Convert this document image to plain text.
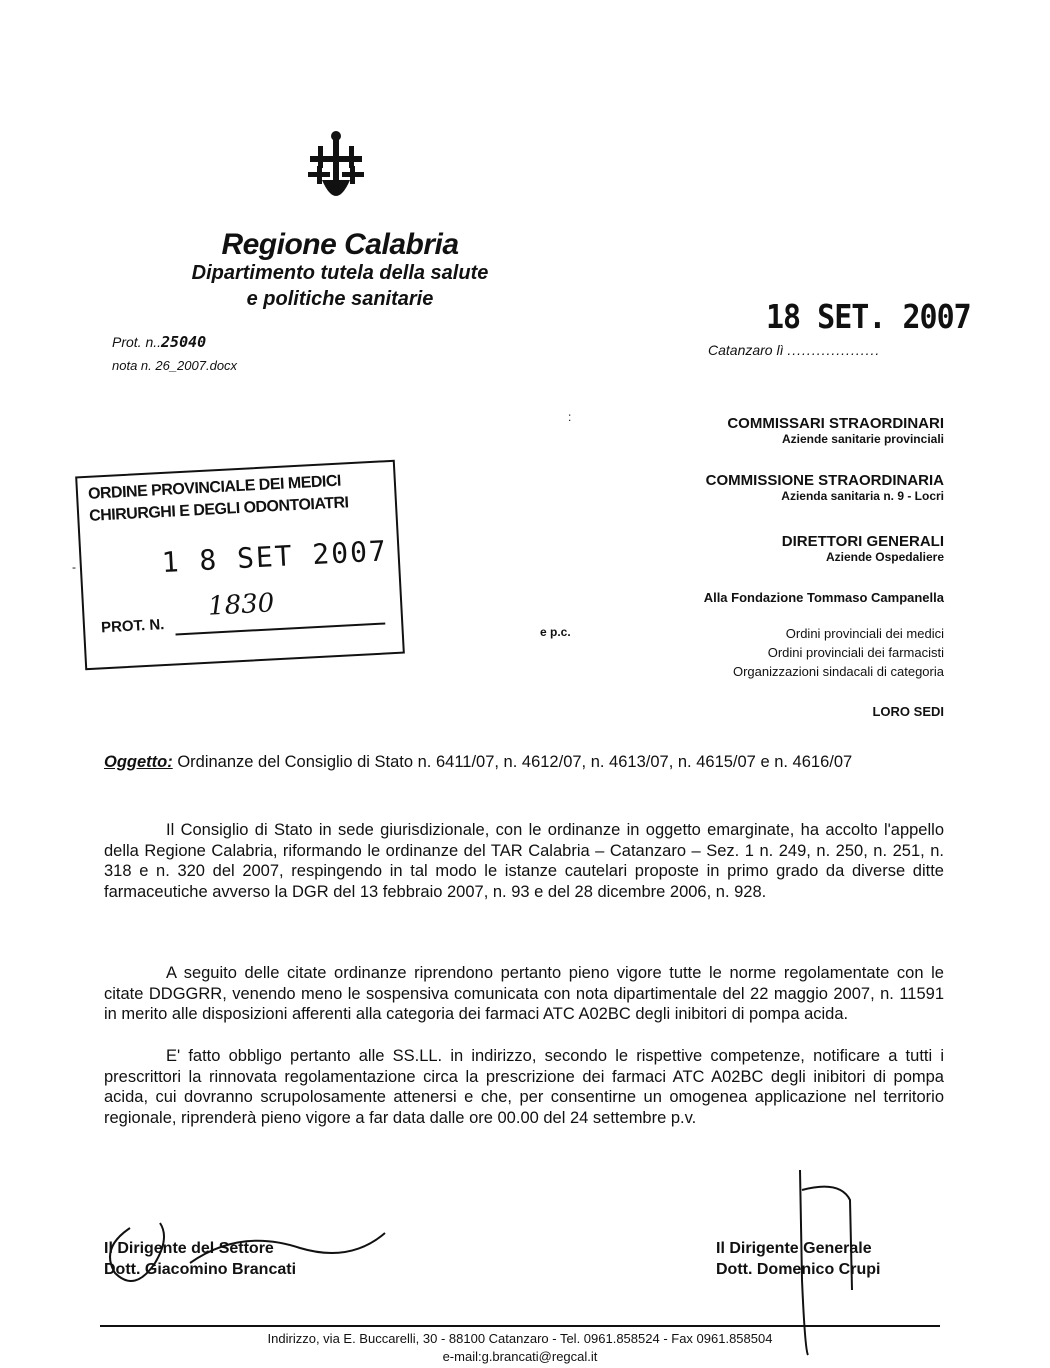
Regione Calabria
Dipartimento tutela della salute
e politiche sanitarie
Prot. n..25040
nota n. 26_2007.docx
18 SET. 2007
Catanzaro lì ...................
:
-
COMMISSARI STRAORDINARI
Aziende sanitarie provinciali
COMMISSIONE STRAORDINARIA
Azienda sanitaria n. 9 - Locri
DIRETTORI GENERALI
Aziende Ospedaliere
Alla Fondazione Tommaso Campanella
e p.c.	Ordini provinciali dei medici
Ordini provinciali dei farmacisti
Organizzazioni sindacali di categoria
LORO SEDI
ORDINE PROVINCIALE DEI MEDICI
CHIRURGHI E DEGLI ODONTOIATRI
1 8 SET 2007
PROT. N.
1830
Oggetto: Ordinanze del Consiglio di Stato n. 6411/07, n. 4612/07, n. 4613/07, n. 4615/07 e n. 4616/07

Il Consiglio di Stato in sede giurisdizionale, con le ordinanze in oggetto emarginate, ha accolto l'appello della Regione Calabria, riformando le ordinanze del TAR Calabria – Catanzaro – Sez. 1 n. 249, n. 250, n. 251, n. 318 e n. 320 del 2007, respingendo in tal modo le istanze cautelari proposte in primo grado da diverse ditte farmaceutiche avverso la DGR del 13 febbraio 2007, n. 93 e del 28 dicembre 2006, n. 928.

A seguito delle citate ordinanze riprendono pertanto pieno vigore tutte le norme regolamentate con le citate DDGGRR, venendo meno le sospensiva comunicata con nota dipartimentale del 22 maggio 2007, n. 11591 in merito alle disposizioni afferenti alla categoria dei farmaci ATC A02BC degli inibitori di pompa acida.

E' fatto obbligo pertanto alle SS.LL. in indirizzo, secondo le rispettive competenze, notificare a tutti i prescrittori la rinnovata regolamentazione circa la prescrizione dei farmaci ATC A02BC degli inibitori di pompa acida, cui dovranno scrupolosamente attenersi e che, per consentirne un omogenea applicazione nel territorio regionale, riprenderà pieno vigore a far data dalle ore 00.00 del 24 settembre p.v.

Il Dirigente del Settore
Dott. Giacomino Brancati
Il Dirigente Generale
Dott. Domenico Crupi
Indirizzo, via E. Buccarelli, 30 - 88100 Catanzaro - Tel. 0961.858524 - Fax 0961.858504
e-mail:g.brancati@regcal.it
